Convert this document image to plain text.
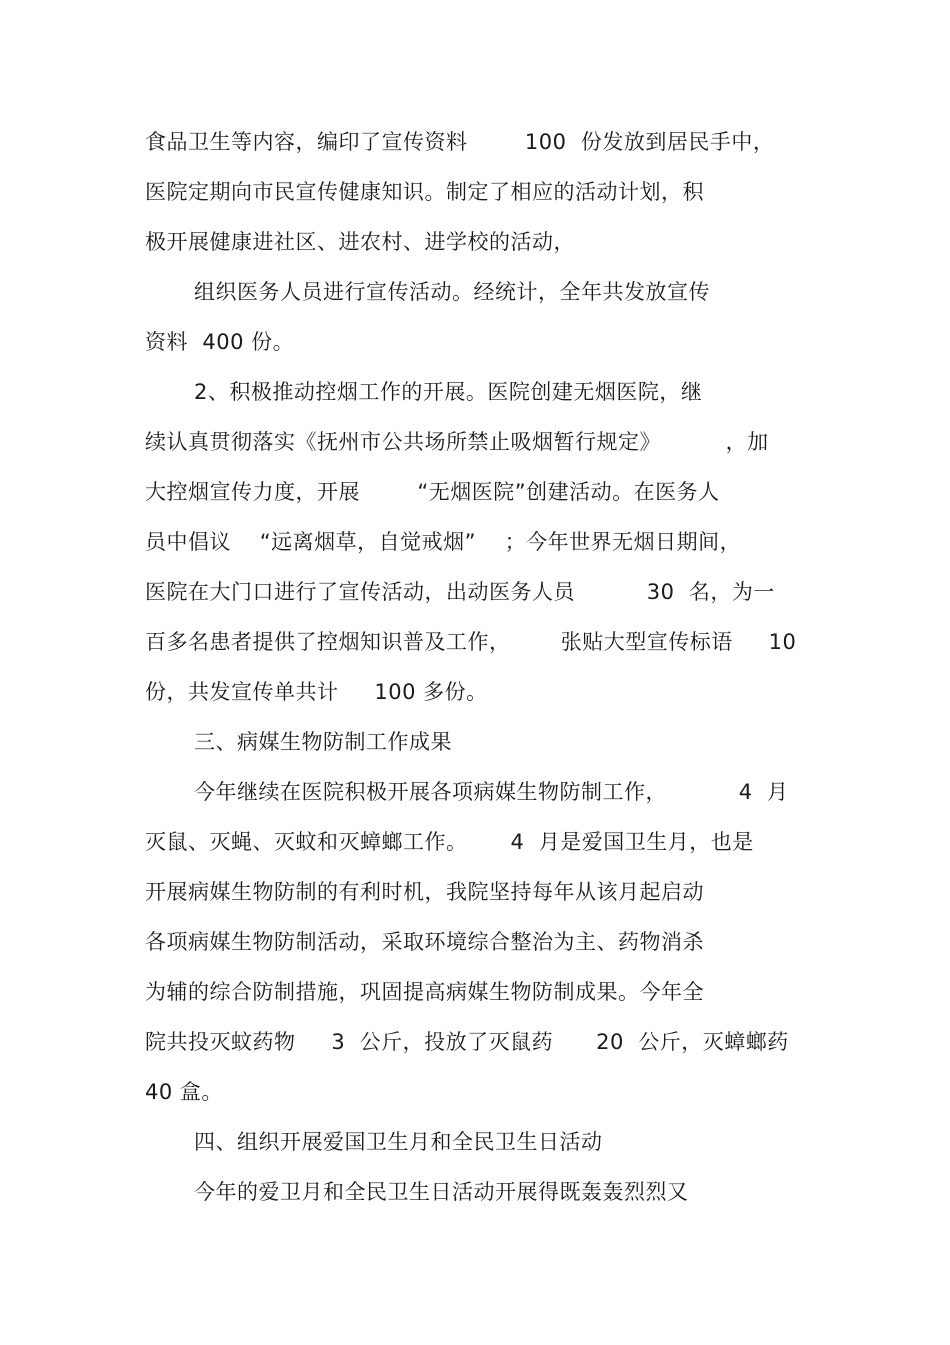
食品卫生等内容，编印了宣传资料        100  份发放到居民手中，
医院定期向市民宣传健康知识。制定了相应的活动计划，积
极开展健康进社区、进农村、进学校的活动，
组织医务人员进行宣传活动。经统计，全年共发放宣传
资料  400 份。
2、积极推动控烟工作的开展。医院创建无烟医院，继
续认真贯彻落实《抚州市公共场所禁止吸烟暂行规定》         ，加
大控烟宣传力度，开展        “无烟医院”创建活动。在医务人
员中倡议    “远离烟草，自觉戒烟”    ；今年世界无烟日期间，
医院在大门口进行了宣传活动，出动医务人员          30  名，为一
百多名患者提供了控烟知识普及工作，       张贴大型宣传标语     10
份，共发宣传单共计     100 多份。
三、病媒生物防制工作成果
今年继续在医院积极开展各项病媒生物防制工作，          4  月
灭鼠、灭蝇、灭蚊和灭蟑螂工作。      4  月是爱国卫生月，也是
开展病媒生物防制的有利时机，我院坚持每年从该月起启动
各项病媒生物防制活动，采取环境综合整治为主、药物消杀
为辅的综合防制措施，巩固提高病媒生物防制成果。今年全
院共投灭蚊药物     3  公斤，投放了灭鼠药      20  公斤，灭蟑螂药
40 盒。
四、组织开展爱国卫生月和全民卫生日活动
今年的爱卫月和全民卫生日活动开展得既轰轰烈烈又
